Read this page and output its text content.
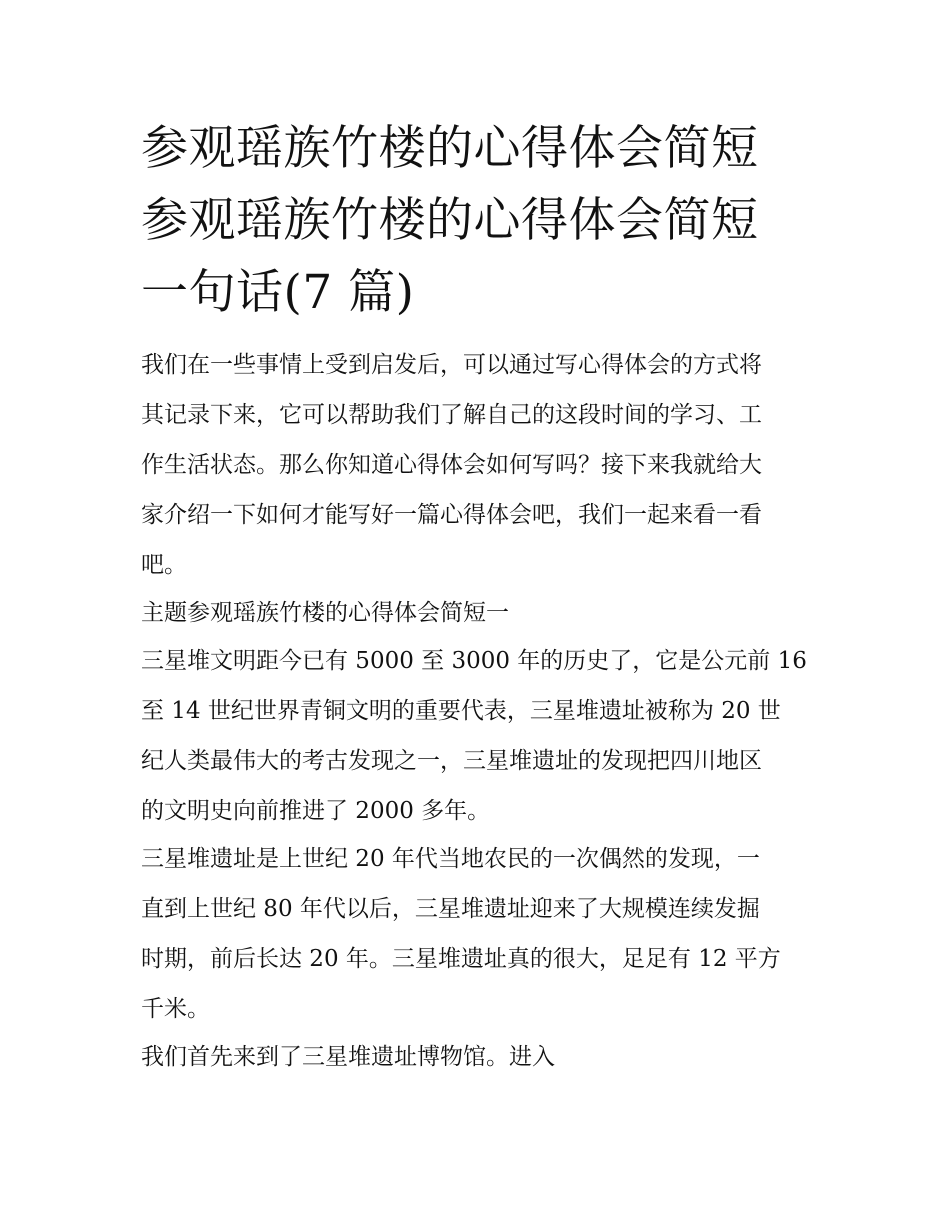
参观瑶族竹楼的心得体会简短
参观瑶族竹楼的心得体会简短
一句话(7 篇)

我们在一些事情上受到启发后，可以通过写心得体会的方式将
其记录下来，它可以帮助我们了解自己的这段时间的学习、工
作生活状态。那么你知道心得体会如何写吗？接下来我就给大
家介绍一下如何才能写好一篇心得体会吧，我们一起来看一看
吧。

主题参观瑶族竹楼的心得体会简短一

三星堆文明距今已有 5000 至 3000 年的历史了，它是公元前 16
至 14 世纪世界青铜文明的重要代表，三星堆遗址被称为 20 世
纪人类最伟大的考古发现之一，三星堆遗址的发现把四川地区
的文明史向前推进了 2000 多年。

三星堆遗址是上世纪 20 年代当地农民的一次偶然的发现，一
直到上世纪 80 年代以后，三星堆遗址迎来了大规模连续发掘
时期，前后长达 20 年。三星堆遗址真的很大，足足有 12 平方
千米。

我们首先来到了三星堆遗址博物馆。进入
